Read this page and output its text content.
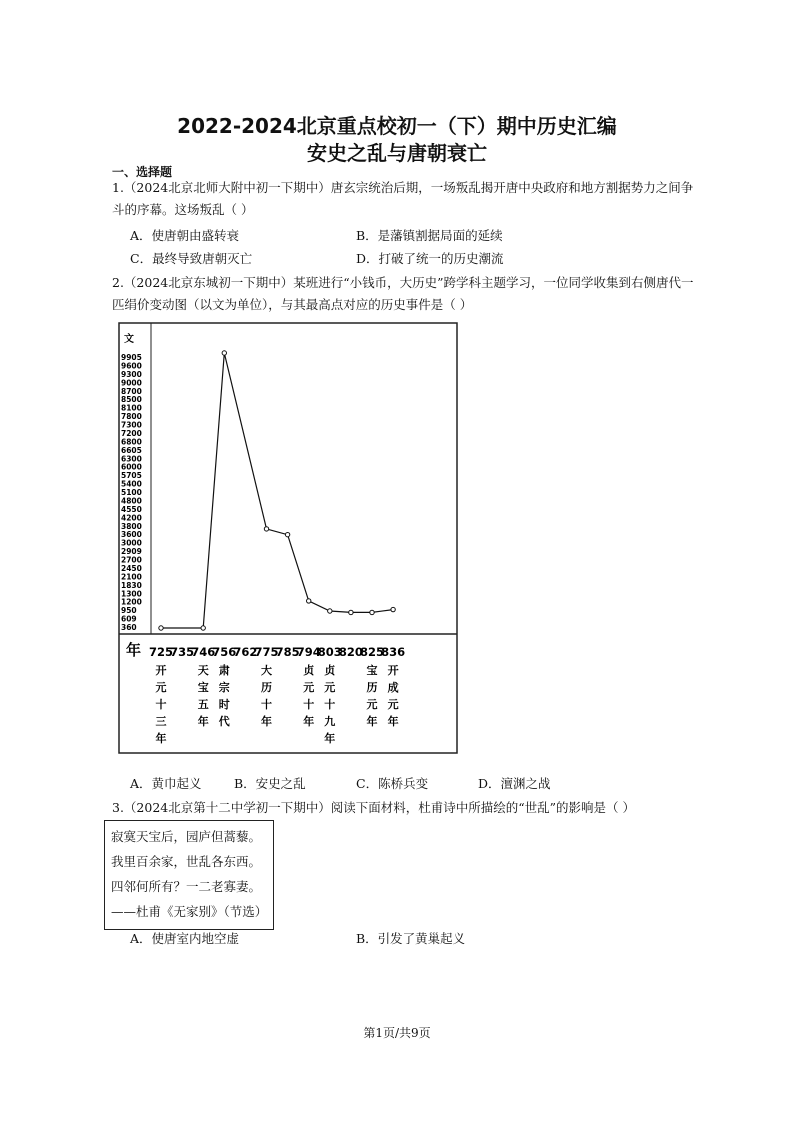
2022-2024北京重点校初一（下）期中历史汇编
安史之乱与唐朝衰亡
一、选择题
1.（2024北京北师大附中初一下期中）唐玄宗统治后期，一场叛乱揭开唐中央政府和地方割据势力之间争
斗的序幕。这场叛乱（ ）
A．使唐朝由盛转衰	B．是藩镇割据局面的延续
C．最终导致唐朝灭亡	D．打破了统一的历史潮流
2.（2024北京东城初一下期中）某班进行“小钱币，大历史”跨学科主题学习，一位同学收集到右侧唐代一
匹绢价变动图（以文为单位），与其最高点对应的历史事件是（ ）
文
年
9905
9600
9300
9000
8700
8500
8100
7800
7300
7200
6800
6605
6300
6000
5705
5400
5100
4800
4550
4200
3800
3600
3000
2909
2700
2450
2100
1830
1300
1200
950
609
360
725
735
746
756
762
775
785
794
803
820
825
836
开元十三年
天宝五年
肃宗时代
大历十年
贞元十年
贞元十九年
宝历元年
开成元年
A．黄巾起义	B．安史之乱	C．陈桥兵变	D．澶渊之战
3.（2024北京第十二中学初一下期中）阅读下面材料，杜甫诗中所描绘的“世乱”的影响是（ ）
寂寞天宝后，园庐但蒿藜。
我里百余家，世乱各东西。
四邻何所有？一二老寡妻。
——杜甫《无家别》（节选）
A．使唐室内地空虚	B．引发了黄巢起义
第1页/共9页
